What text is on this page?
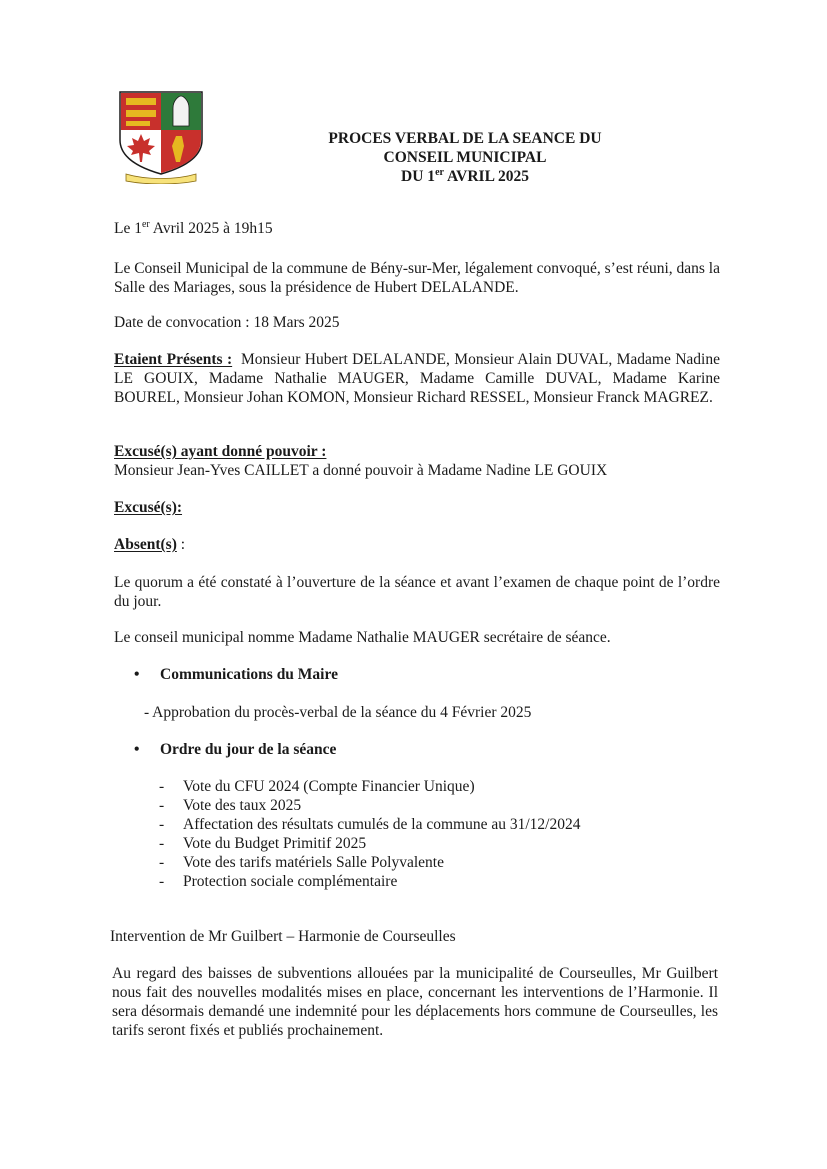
PROCES VERBAL DE LA SEANCE DU
CONSEIL MUNICIPAL
DU 1er AVRIL 2025
Le 1er Avril 2025 à 19h15

Le Conseil Municipal de la commune de Bény-sur-Mer, légalement convoqué, s’est réuni, dans la Salle des Mariages, sous la présidence de Hubert DELALANDE.

Date de convocation : 18 Mars 2025

Etaient Présents : Monsieur Hubert DELALANDE, Monsieur Alain DUVAL, Madame Nadine LE GOUIX, Madame Nathalie MAUGER, Madame Camille DUVAL, Madame Karine BOUREL, Monsieur Johan KOMON, Monsieur Richard RESSEL, Monsieur Franck MAGREZ.

Excusé(s) ayant donné pouvoir :
Monsieur Jean-Yves CAILLET a donné pouvoir à Madame Nadine LE GOUIX
Excusé(s):
Absent(s) :

Le quorum a été constaté à l’ouverture de la séance et avant l’examen de chaque point de l’ordre du jour.

Le conseil municipal nomme Madame Nathalie MAUGER secrétaire de séance.

• Communications du Maire

- Approbation du procès-verbal de la séance du 4 Février 2025

• Ordre du jour de la séance
- Vote du CFU 2024 (Compte Financier Unique)
- Vote des taux 2025
- Affectation des résultats cumulés de la commune au 31/12/2024
- Vote du Budget Primitif 2025
- Vote des tarifs matériels Salle Polyvalente
- Protection sociale complémentaire

Intervention de Mr Guilbert – Harmonie de Courseulles

Au regard des baisses de subventions allouées par la municipalité de Courseulles, Mr Guilbert nous fait des nouvelles modalités mises en place, concernant les interventions de l’Harmonie. Il sera désormais demandé une indemnité pour les déplacements hors commune de Courseulles, les tarifs seront fixés et publiés prochainement.
